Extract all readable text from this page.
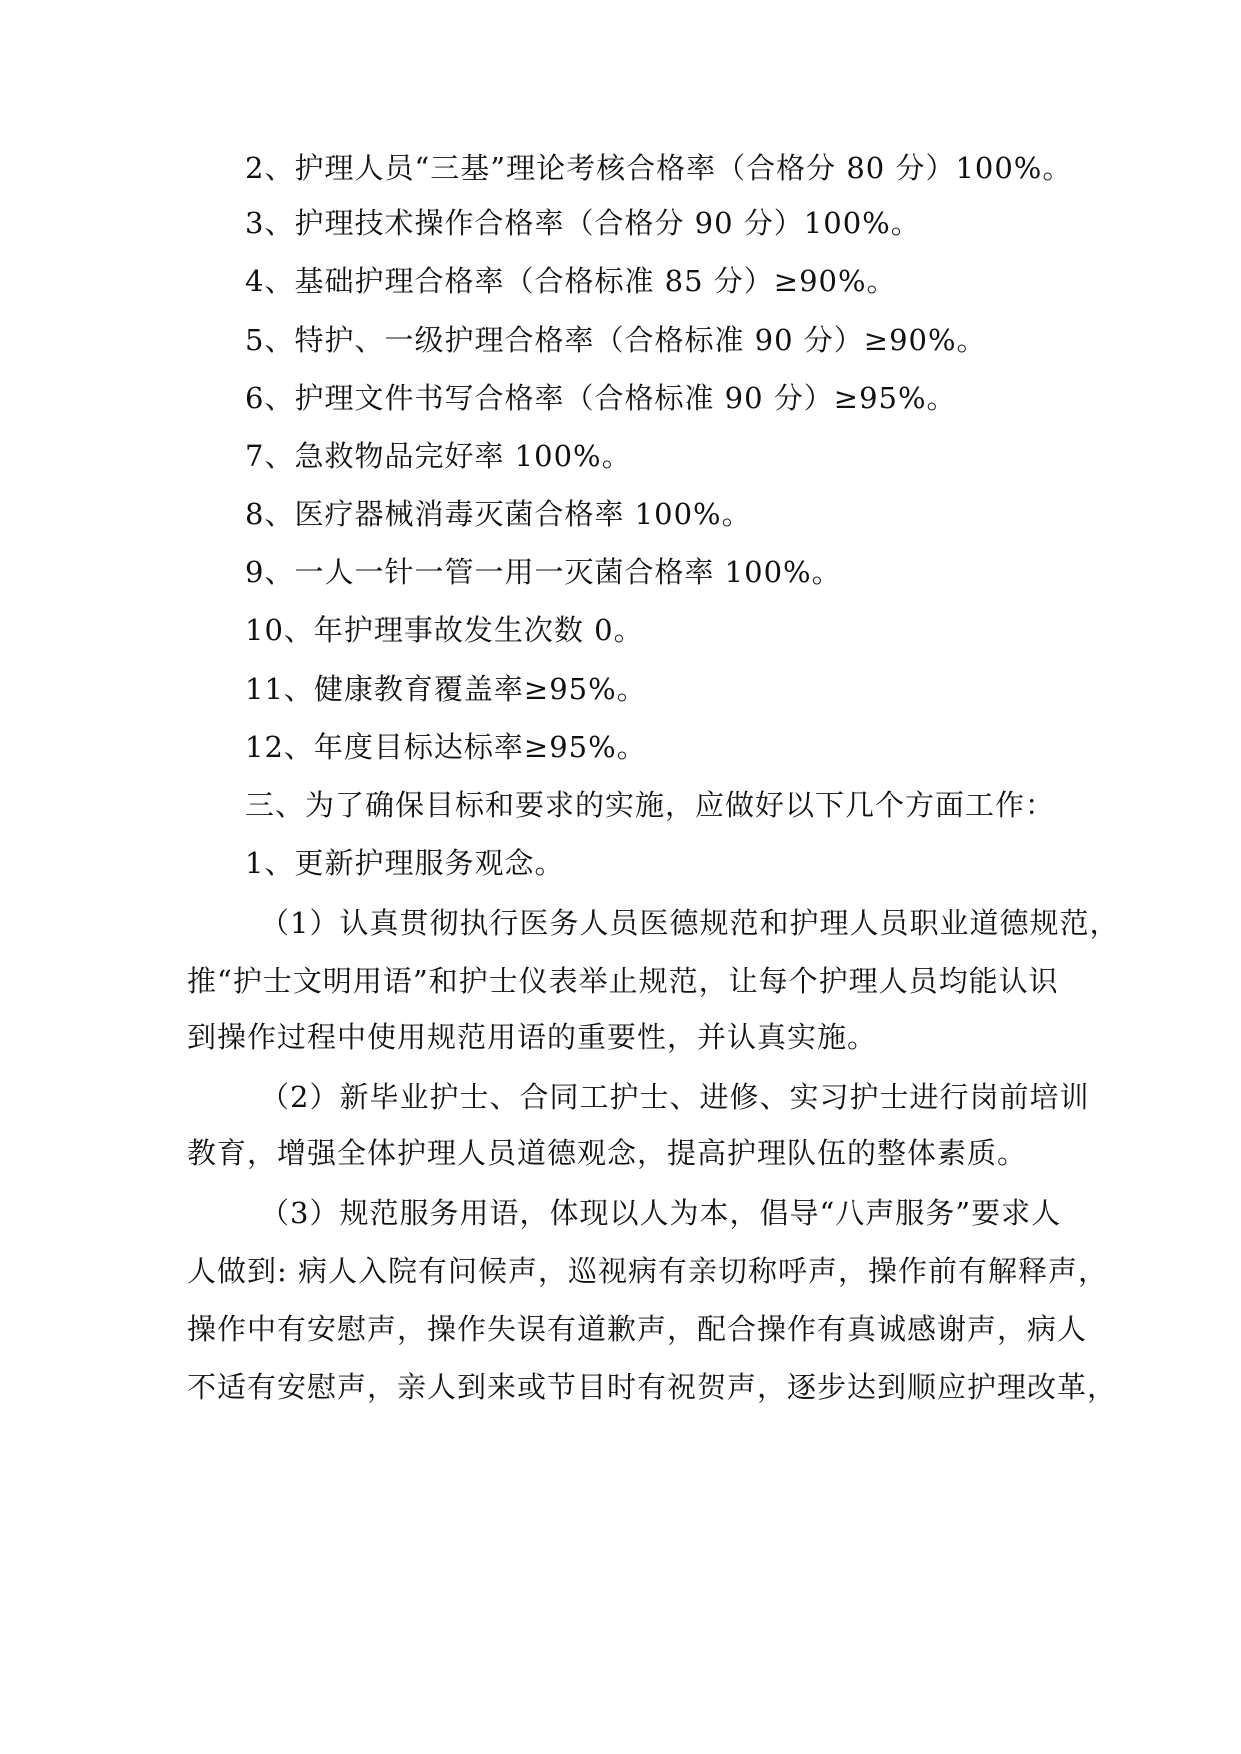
2、护理人员“三基”理论考核合格率（合格分 80 分）100%。
3、护理技术操作合格率（合格分 90 分）100%。
4、基础护理合格率（合格标准 85 分）≥90%。
5、特护、一级护理合格率（合格标准 90 分）≥90%。
6、护理文件书写合格率（合格标准 90 分）≥95%。
7、急救物品完好率 100%。
8、医疗器械消毒灭菌合格率 100%。
9、一人一针一管一用一灭菌合格率 100%。
10、年护理事故发生次数 0。
11、健康教育覆盖率≥95%。
12、年度目标达标率≥95%。
三、为了确保目标和要求的实施，应做好以下几个方面工作：
1、更新护理服务观念。
（1）认真贯彻执行医务人员医德规范和护理人员职业道德规范，
推“护士文明用语”和护士仪表举止规范，让每个护理人员均能认识
到操作过程中使用规范用语的重要性，并认真实施。
（2）新毕业护士、合同工护士、进修、实习护士进行岗前培训
教育，增强全体护理人员道德观念，提高护理队伍的整体素质。
（3）规范服务用语，体现以人为本，倡导“八声服务”要求人
人做到: 病人入院有问候声，巡视病有亲切称呼声，操作前有解释声，
操作中有安慰声，操作失误有道歉声，配合操作有真诚感谢声，病人
不适有安慰声，亲人到来或节目时有祝贺声，逐步达到顺应护理改革，
